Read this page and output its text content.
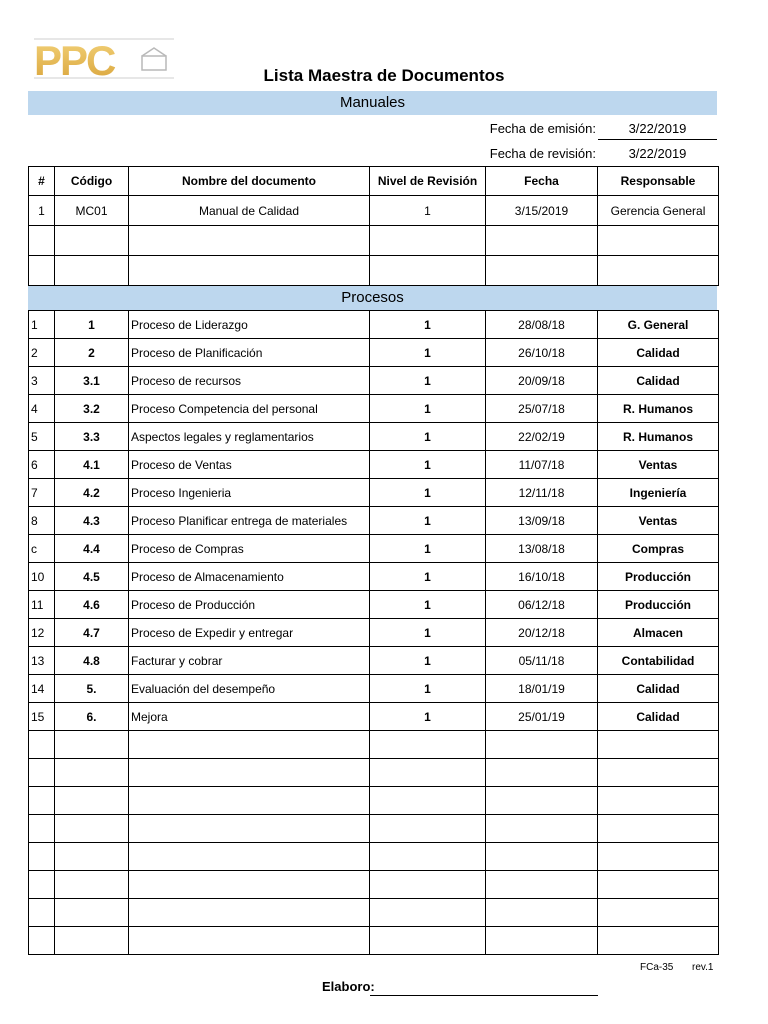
PPC	Lista Maestra de Documentos
Manuales
Fecha de emisión:	3/22/2019
Fecha de revisión:	3/22/2019
#	Código	Nombre del documento	Nivel de Revisión	Fecha	Responsable
1	MC01	Manual de Calidad	1	3/15/2019	Gerencia General

Procesos
1	1	Proceso de Liderazgo	1	28/08/18	G. General
2	2	Proceso de Planificación	1	26/10/18	Calidad
3	3.1	Proceso de recursos	1	20/09/18	Calidad
4	3.2	Proceso Competencia del personal	1	25/07/18	R. Humanos
5	3.3	Aspectos legales y reglamentarios	1	22/02/19	R. Humanos
6	4.1	Proceso de Ventas	1	11/07/18	Ventas
7	4.2	Proceso Ingenieria	1	12/11/18	Ingeniería
8	4.3	Proceso Planificar entrega de materiales	1	13/09/18	Ventas
c	4.4	Proceso de Compras	1	13/08/18	Compras
10	4.5	Proceso de Almacenamiento	1	16/10/18	Producción
11	4.6	Proceso de Producción	1	06/12/18	Producción
12	4.7	Proceso de Expedir y entregar	1	20/12/18	Almacen
13	4.8	Facturar y cobrar	1	05/11/18	Contabilidad
14	5.	Evaluación del desempeño	1	18/01/19	Calidad
15	6.	Mejora	1	25/01/19	Calidad

FCa-35 rev.1
Elaboro:
